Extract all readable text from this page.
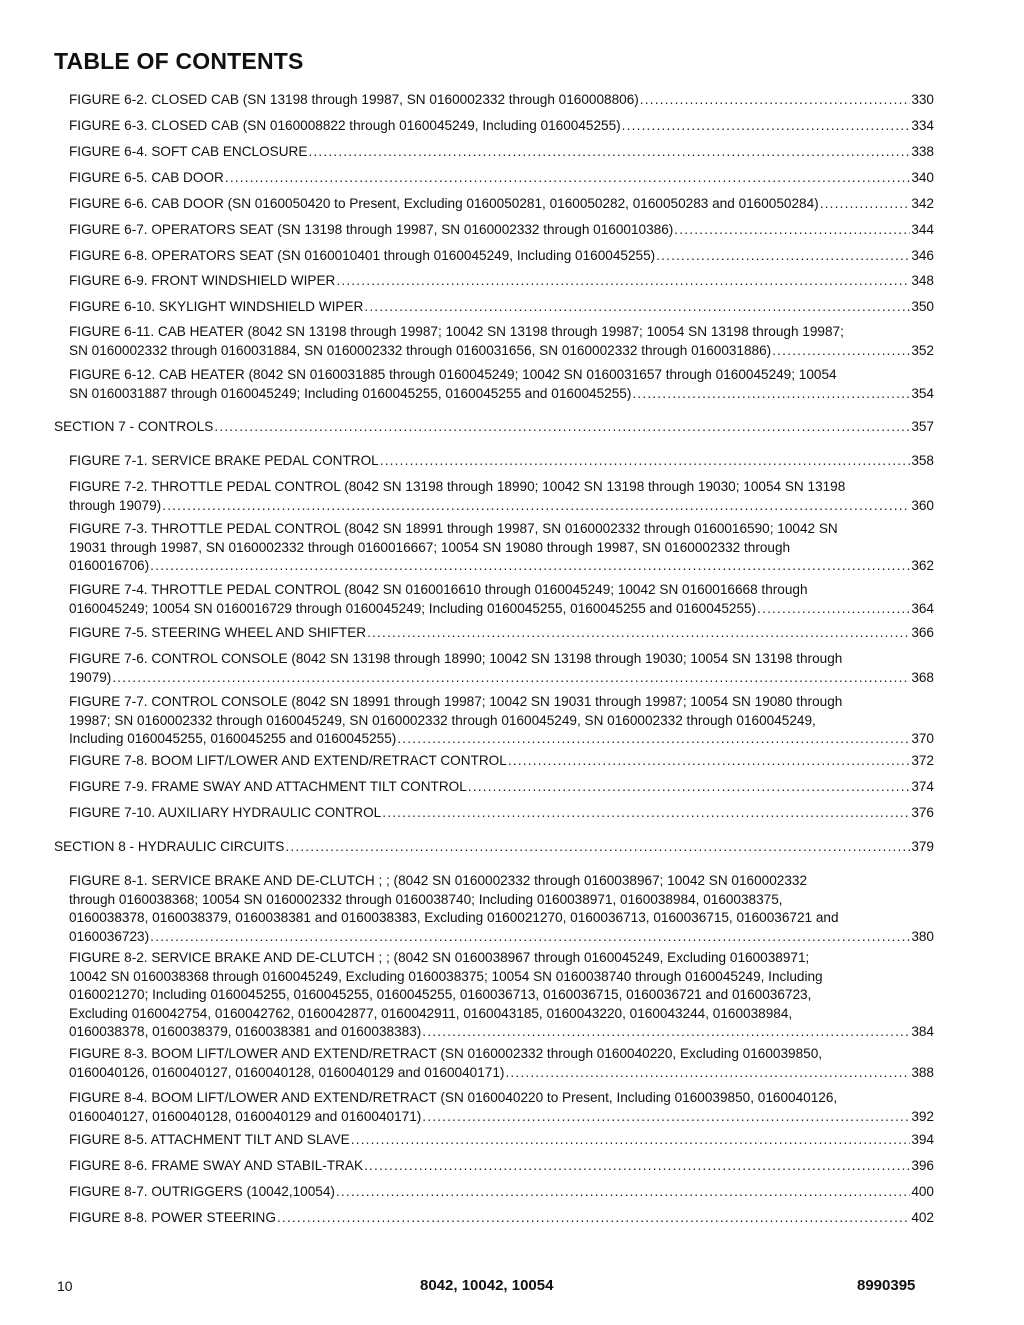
TABLE OF CONTENTS
FIGURE 6-2. CLOSED CAB (SN 13198 through 19987, SN 0160002332 through 0160008806) .....	330
FIGURE 6-3. CLOSED CAB (SN 0160008822 through 0160045249, Including 0160045255) .....	334
FIGURE 6-4. SOFT CAB ENCLOSURE .....	338
FIGURE 6-5. CAB DOOR .....	340
FIGURE 6-6. CAB DOOR (SN 0160050420 to Present, Excluding 0160050281, 0160050282, 0160050283 and 0160050284) .....	342
FIGURE 6-7. OPERATORS SEAT (SN 13198 through 19987, SN 0160002332 through 0160010386) .....	344
FIGURE 6-8. OPERATORS SEAT (SN 0160010401 through 0160045249, Including 0160045255) .....	346
FIGURE 6-9. FRONT WINDSHIELD WIPER .....	348
FIGURE 6-10. SKYLIGHT WINDSHIELD WIPER .....	350
FIGURE 6-11. CAB HEATER (8042 SN 13198 through 19987; 10042 SN 13198 through 19987; 10054 SN 13198 through 19987;
SN 0160002332 through 0160031884, SN 0160002332 through 0160031656, SN 0160002332 through 0160031886) .....	352
FIGURE 6-12. CAB HEATER (8042 SN 0160031885 through 0160045249; 10042 SN 0160031657 through 0160045249; 10054
SN 0160031887 through 0160045249; Including 0160045255, 0160045255 and 0160045255) .....	354
SECTION 7 - CONTROLS .....	357
FIGURE 7-1. SERVICE BRAKE PEDAL CONTROL .....	358
FIGURE 7-2. THROTTLE PEDAL CONTROL (8042 SN 13198 through 18990; 10042 SN 13198 through 19030; 10054 SN 13198
through 19079) .....	360
FIGURE 7-3. THROTTLE PEDAL CONTROL (8042 SN 18991 through 19987, SN 0160002332 through 0160016590; 10042 SN
19031 through 19987, SN 0160002332 through 0160016667; 10054 SN 19080 through 19987, SN 0160002332 through
0160016706) .....	362
FIGURE 7-4. THROTTLE PEDAL CONTROL (8042 SN 0160016610 through 0160045249; 10042 SN 0160016668 through
0160045249; 10054 SN 0160016729 through 0160045249; Including 0160045255, 0160045255 and 0160045255) .....	364
FIGURE 7-5. STEERING WHEEL AND SHIFTER .....	366
FIGURE 7-6. CONTROL CONSOLE (8042 SN 13198 through 18990; 10042 SN 13198 through 19030; 10054 SN 13198 through
19079) .....	368
FIGURE 7-7. CONTROL CONSOLE (8042 SN 18991 through 19987; 10042 SN 19031 through 19987; 10054 SN 19080 through
19987; SN 0160002332 through 0160045249, SN 0160002332 through 0160045249, SN 0160002332 through 0160045249,
Including 0160045255, 0160045255 and 0160045255) .....	370
FIGURE 7-8. BOOM LIFT/LOWER AND EXTEND/RETRACT CONTROL .....	372
FIGURE 7-9. FRAME SWAY AND ATTACHMENT TILT CONTROL .....	374
FIGURE 7-10. AUXILIARY HYDRAULIC CONTROL .....	376
SECTION 8 - HYDRAULIC CIRCUITS .....	379
FIGURE 8-1. SERVICE BRAKE AND DE-CLUTCH ; ; (8042 SN 0160002332 through 0160038967; 10042 SN 0160002332
through 0160038368; 10054 SN 0160002332 through 0160038740; Including 0160038971, 0160038984, 0160038375,
0160038378, 0160038379, 0160038381 and 0160038383, Excluding 0160021270, 0160036713, 0160036715, 0160036721 and
0160036723) .....	380
FIGURE 8-2. SERVICE BRAKE AND DE-CLUTCH ; ; (8042 SN 0160038967 through 0160045249, Excluding 0160038971;
10042 SN 0160038368 through 0160045249, Excluding 0160038375; 10054 SN 0160038740 through 0160045249, Including
0160021270; Including 0160045255, 0160045255, 0160045255, 0160036713, 0160036715, 0160036721 and 0160036723,
Excluding 0160042754, 0160042762, 0160042877, 0160042911, 0160043185, 0160043220, 0160043244, 0160038984,
0160038378, 0160038379, 0160038381 and 0160038383) .....	384
FIGURE 8-3. BOOM LIFT/LOWER AND EXTEND/RETRACT (SN 0160002332 through 0160040220, Excluding 0160039850,
0160040126, 0160040127, 0160040128, 0160040129 and 0160040171) .....	388
FIGURE 8-4. BOOM LIFT/LOWER AND EXTEND/RETRACT (SN 0160040220 to Present, Including 0160039850, 0160040126,
0160040127, 0160040128, 0160040129 and 0160040171) .....	392
FIGURE 8-5. ATTACHMENT TILT AND SLAVE .....	394
FIGURE 8-6. FRAME SWAY AND STABIL-TRAK .....	396
FIGURE 8-7. OUTRIGGERS (10042,10054) .....	400
FIGURE 8-8. POWER STEERING .....	402
10	8042, 10042, 10054	8990395
